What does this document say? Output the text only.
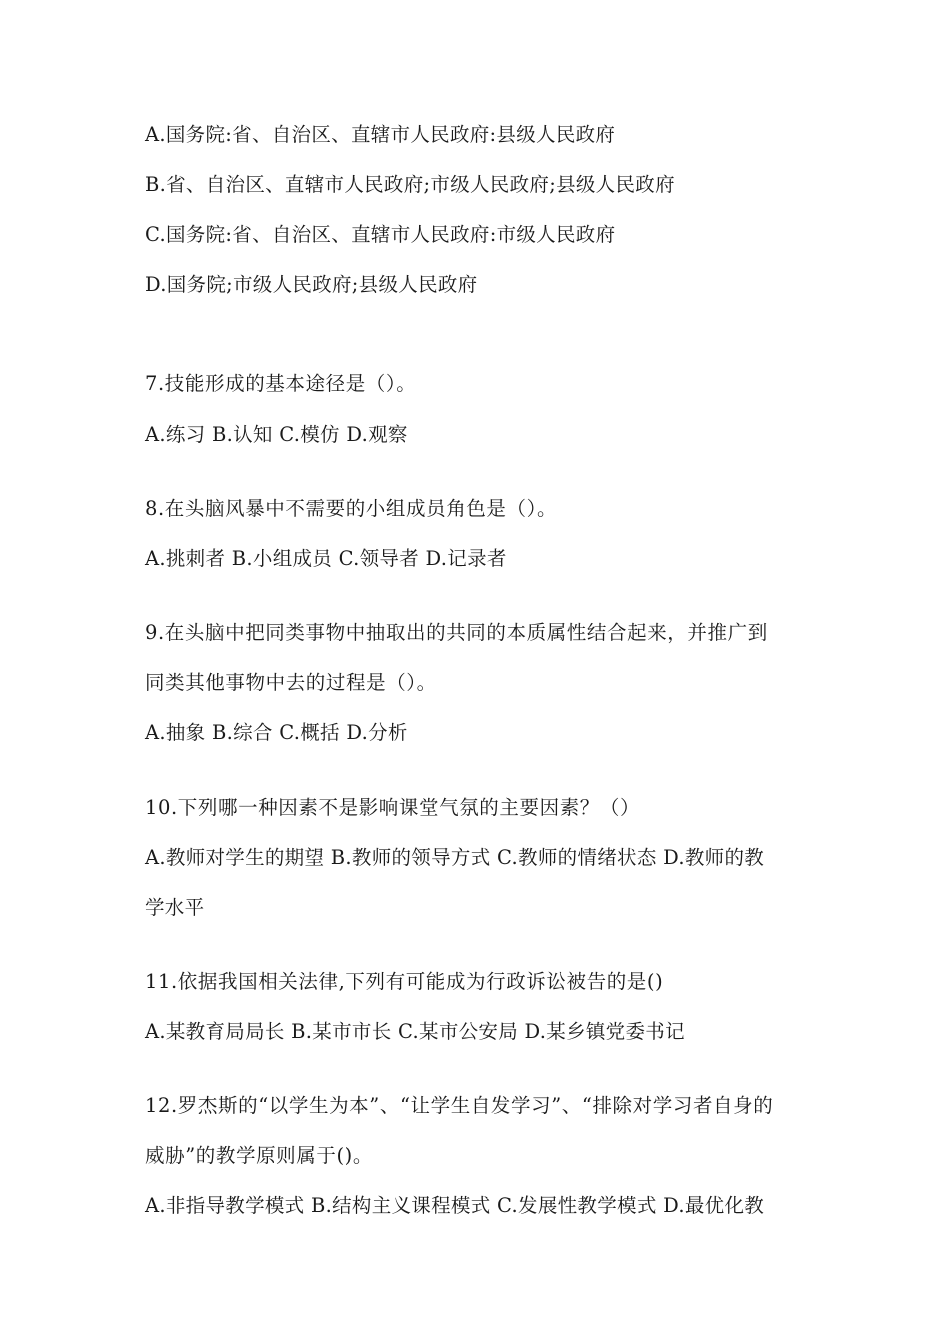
A.国务院:省、自治区、直辖市人民政府:县级人民政府
B.省、自治区、直辖市人民政府;市级人民政府;县级人民政府
C.国务院:省、自治区、直辖市人民政府:市级人民政府
D.国务院;市级人民政府;县级人民政府
7.技能形成的基本途径是（）。
A.练习 B.认知 C.模仿 D.观察
8.在头脑风暴中不需要的小组成员角色是（）。
A.挑刺者 B.小组成员 C.领导者 D.记录者
9.在头脑中把同类事物中抽取出的共同的本质属性结合起来，并推广到
同类其他事物中去的过程是（）。
A.抽象 B.综合 C.概括 D.分析
10.下列哪一种因素不是影响课堂气氛的主要因素？（）
A.教师对学生的期望 B.教师的领导方式 C.教师的情绪状态 D.教师的教
学水平
11.依据我国相关法律,下列有可能成为行政诉讼被告的是()
A.某教育局局长 B.某市市长 C.某市公安局 D.某乡镇党委书记
12.罗杰斯的“以学生为本”、“让学生自发学习”、“排除对学习者自身的
威胁”的教学原则属于()。
A.非指导教学模式 B.结构主义课程模式 C.发展性教学模式 D.最优化教
